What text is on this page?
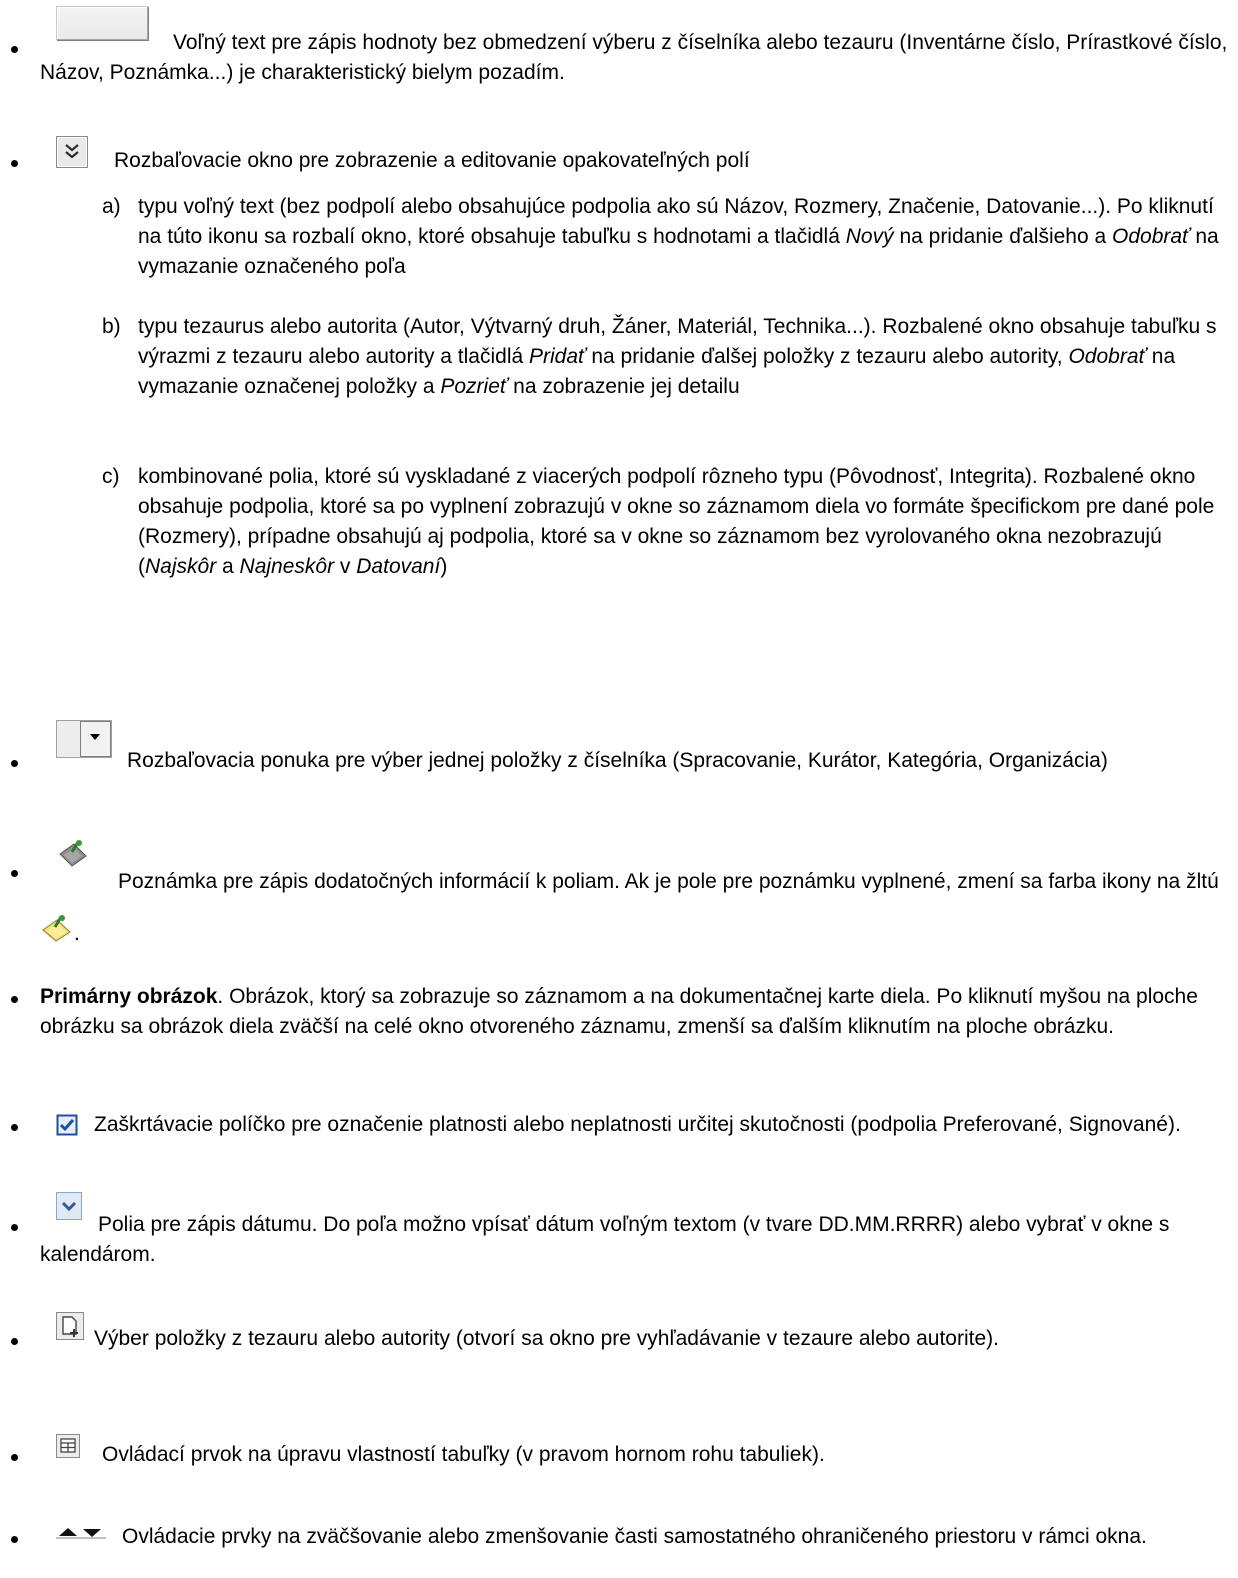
Voľný text pre zápis hodnoty bez obmedzení výberu z číselníka alebo tezauru (Inventárne číslo, Prírastkové číslo, Názov, Poznámka...) je charakteristický bielym pozadím.
Rozbaľovacie okno pre zobrazenie a editovanie opakovateľných polí
a) typu voľný text (bez podpolí alebo obsahujúce podpolia ako sú Názov, Rozmery, Značenie, Datovanie...). Po kliknutí na túto ikonu sa rozbalí okno, ktoré obsahuje tabuľku s hodnotami a tlačidlá Nový na pridanie ďalšieho a Odobrať na vymazanie označeného poľa
b) typu tezaurus alebo autorita (Autor, Výtvarný druh, Žáner, Materiál, Technika...). Rozbalené okno obsahuje tabuľku s výrazmi z tezauru alebo autority a tlačidlá Pridať na pridanie ďalšej položky z tezauru alebo autority, Odobrať na vymazanie označenej položky a Pozrieť na zobrazenie jej detailu
c) kombinované polia, ktoré sú vyskladané z viacerých podpolí rôzneho typu (Pôvodnosť, Integrita). Rozbalené okno obsahuje podpolia, ktoré sa po vyplnení zobrazujú v okne so záznamom diela vo formáte špecifickom pre dané pole (Rozmery), prípadne obsahujú aj podpolia, ktoré sa v okne so záznamom bez vyrolovaného okna nezobrazujú (Najskôr a Najneskôr v Datovaní)
Rozbaľovacia ponuka pre výber jednej položky z číselníka (Spracovanie, Kurátor, Kategória, Organizácia)
Poznámka pre zápis dodatočných informácií k poliam. Ak je pole pre poznámku vyplnené, zmení sa farba ikony na žltú .
Primárny obrázok. Obrázok, ktorý sa zobrazuje so záznamom a na dokumentačnej karte diela. Po kliknutí myšou na ploche obrázku sa obrázok diela zväčší na celé okno otvoreného záznamu, zmenší sa ďalším kliknutím na ploche obrázku.
Zaškrtávacie políčko pre označenie platnosti alebo neplatnosti určitej skutočnosti (podpolia Preferované, Signované).
Polia pre zápis dátumu. Do poľa možno vpísať dátum voľným textom (v tvare DD.MM.RRRR) alebo vybrať v okne s kalendárom.
Výber položky z tezauru alebo autority (otvorí sa okno pre vyhľadávanie v tezaure alebo autorite).
Ovládací prvok na úpravu vlastností tabuľky (v pravom hornom rohu tabuliek).
Ovládacie prvky na zväčšovanie alebo zmenšovanie časti samostatného ohraničeného priestoru v rámci okna.
